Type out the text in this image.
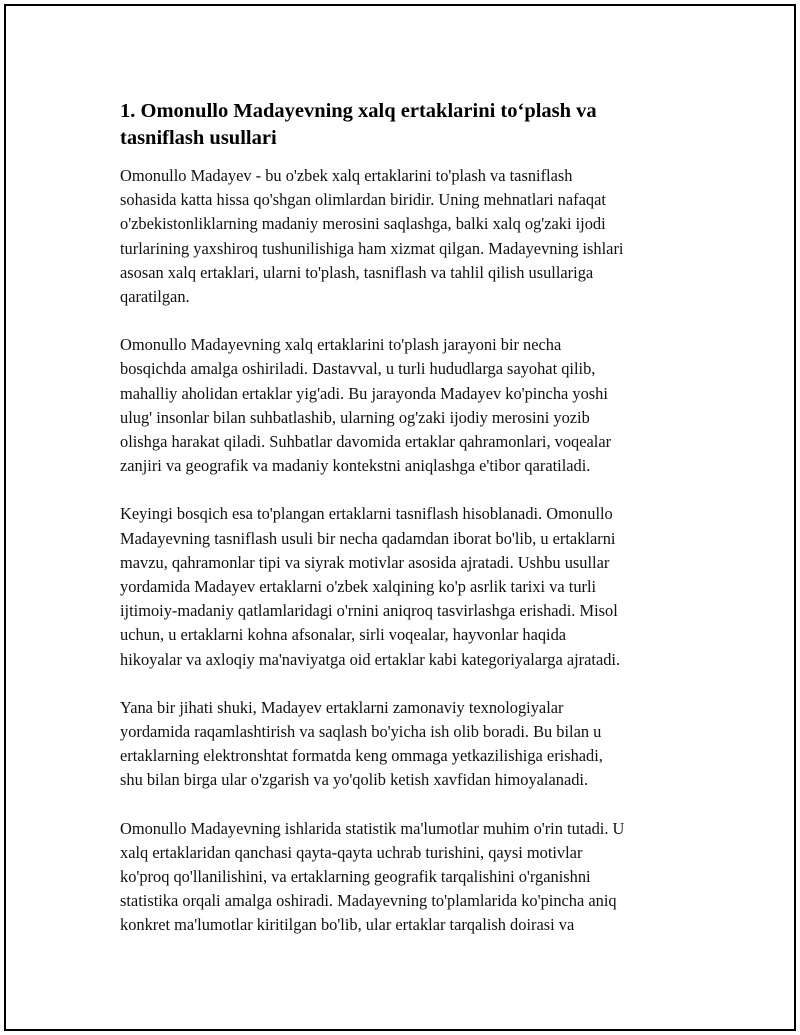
1. Omonullo Madayevning xalq ertaklarini to‘plash va
tasniflash usullari

Omonullo Madayev - bu o'zbek xalq ertaklarini to'plash va tasniflash
sohasida katta hissa qo'shgan olimlardan biridir. Uning mehnatlari nafaqat
o'zbekistonliklarning madaniy merosini saqlashga, balki xalq og'zaki ijodi
turlarining yaxshiroq tushunilishiga ham xizmat qilgan. Madayevning ishlari
asosan xalq ertaklari, ularni to'plash, tasniflash va tahlil qilish usullariga
qaratilgan.

Omonullo Madayevning xalq ertaklarini to'plash jarayoni bir necha
bosqichda amalga oshiriladi. Dastavval, u turli hududlarga sayohat qilib,
mahalliy aholidan ertaklar yig'adi. Bu jarayonda Madayev ko'pincha yoshi
ulug' insonlar bilan suhbatlashib, ularning og'zaki ijodiy merosini yozib
olishga harakat qiladi. Suhbatlar davomida ertaklar qahramonlari, voqealar
zanjiri va geografik va madaniy kontekstni aniqlashga e'tibor qaratiladi.

Keyingi bosqich esa to'plangan ertaklarni tasniflash hisoblanadi. Omonullo
Madayevning tasniflash usuli bir necha qadamdan iborat bo'lib, u ertaklarni
mavzu, qahramonlar tipi va siyrak motivlar asosida ajratadi. Ushbu usullar
yordamida Madayev ertaklarni o'zbek xalqining ko'p asrlik tarixi va turli
ijtimoiy-madaniy qatlamlaridagi o'rnini aniqroq tasvirlashga erishadi. Misol
uchun, u ertaklarni kohna afsonalar, sirli voqealar, hayvonlar haqida
hikoyalar va axloqiy ma'naviyatga oid ertaklar kabi kategoriyalarga ajratadi.

Yana bir jihati shuki, Madayev ertaklarni zamonaviy texnologiyalar
yordamida raqamlashtirish va saqlash bo'yicha ish olib boradi. Bu bilan u
ertaklarning elektronshtat formatda keng ommaga yetkazilishiga erishadi,
shu bilan birga ular o'zgarish va yo'qolib ketish xavfidan himoyalanadi.

Omonullo Madayevning ishlarida statistik ma'lumotlar muhim o'rin tutadi. U
xalq ertaklaridan qanchasi qayta-qayta uchrab turishini, qaysi motivlar
ko'proq qo'llanilishini, va ertaklarning geografik tarqalishini o'rganishni
statistika orqali amalga oshiradi. Madayevning to'plamlarida ko'pincha aniq
konkret ma'lumotlar kiritilgan bo'lib, ular ertaklar tarqalish doirasi va
